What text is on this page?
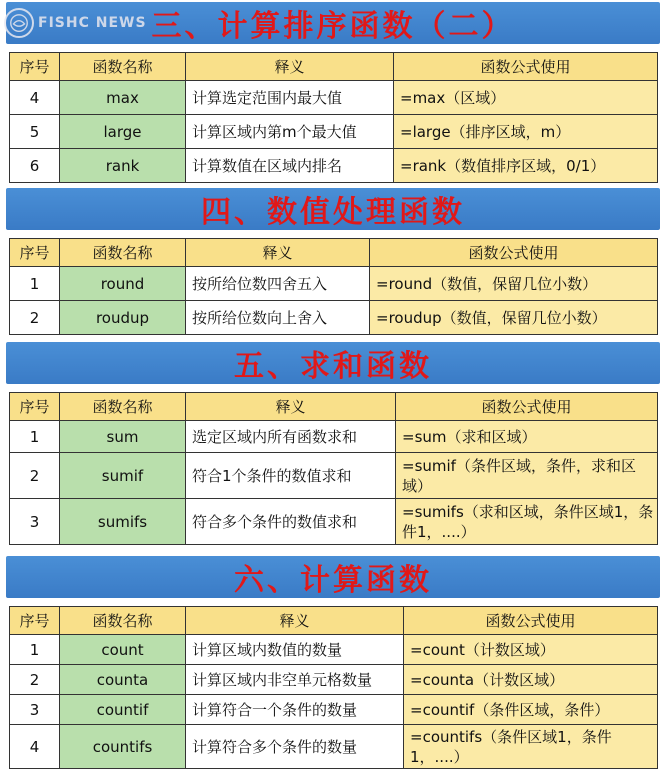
FISHC NEWS 三、计算排序函数（二）
序号	函数名称	释义	函数公式使用
4	max	计算选定范围内最大值	=max（区域）
5	large	计算区域内第m个最大值	=large（排序区域，m）
6	rank	计算数值在区域内排名	=rank（数值排序区域，0/1）
四、数值处理函数
序号	函数名称	释义	函数公式使用
1	round	按所给位数四舍五入	=round（数值，保留几位小数）
2	roudup	按所给位数向上舍入	=roudup（数值，保留几位小数）
五、求和函数
序号	函数名称	释义	函数公式使用
1	sum	选定区域内所有函数求和	=sum（求和区域）
2	sumif	符合1个条件的数值求和	=sumif（条件区域，条件，求和区域）
3	sumifs	符合多个条件的数值求和	=sumifs（求和区域，条件区域1，条件1，....）
六、计算函数
序号	函数名称	释义	函数公式使用
1	count	计算区域内数值的数量	=count（计数区域）
2	counta	计算区域内非空单元格数量	=counta（计数区域）
3	countif	计算符合一个条件的数量	=countif（条件区域，条件）
4	countifs	计算符合多个条件的数量	=countifs（条件区域1，条件1，....）
